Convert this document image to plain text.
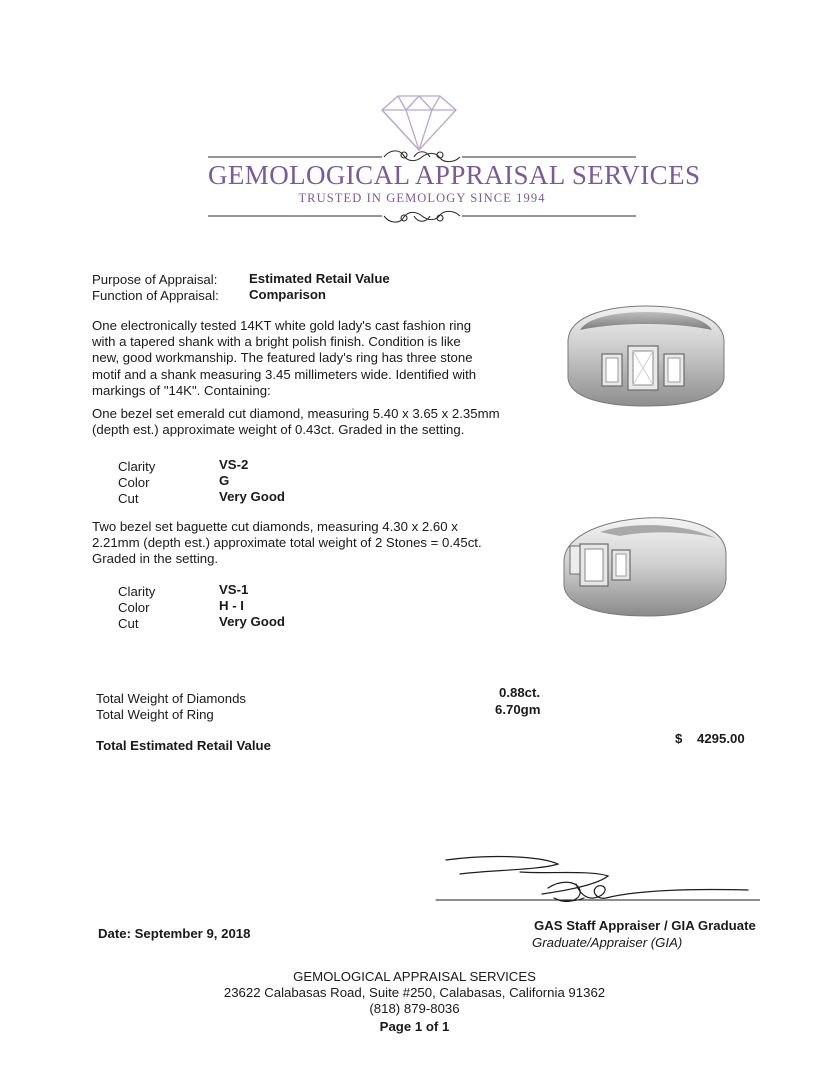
GEMOLOGICAL APPRAISAL SERVICES
TRUSTED IN GEMOLOGY SINCE 1994
Purpose of Appraisal: Estimated Retail Value
Function of Appraisal: Comparison
One electronically tested 14KT white gold lady's cast fashion ring
with a tapered shank with a bright polish finish. Condition is like
new, good workmanship. The featured lady's ring has three stone
motif and a shank measuring 3.45 millimeters wide. Identified with
markings of "14K". Containing:
One bezel set emerald cut diamond, measuring 5.40 x 3.65 x 2.35mm
(depth est.) approximate weight of 0.43ct. Graded in the setting.
Clarity	VS-2
Color	G
Cut	Very Good
Two bezel set baguette cut diamonds, measuring 4.30 x 2.60 x
2.21mm (depth est.) approximate total weight of 2 Stones = 0.45ct.
Graded in the setting.
Clarity	VS-1
Color	H - I
Cut	Very Good
Total Weight of Diamonds	0.88ct.
Total Weight of Ring	6.70gm
Total Estimated Retail Value	$ 4295.00
GAS Staff Appraiser / GIA Graduate
Graduate/Appraiser (GIA)
Date: September 9, 2018
GEMOLOGICAL APPRAISAL SERVICES
23622 Calabasas Road, Suite #250, Calabasas, California 91362
(818) 879-8036
Page 1 of 1
